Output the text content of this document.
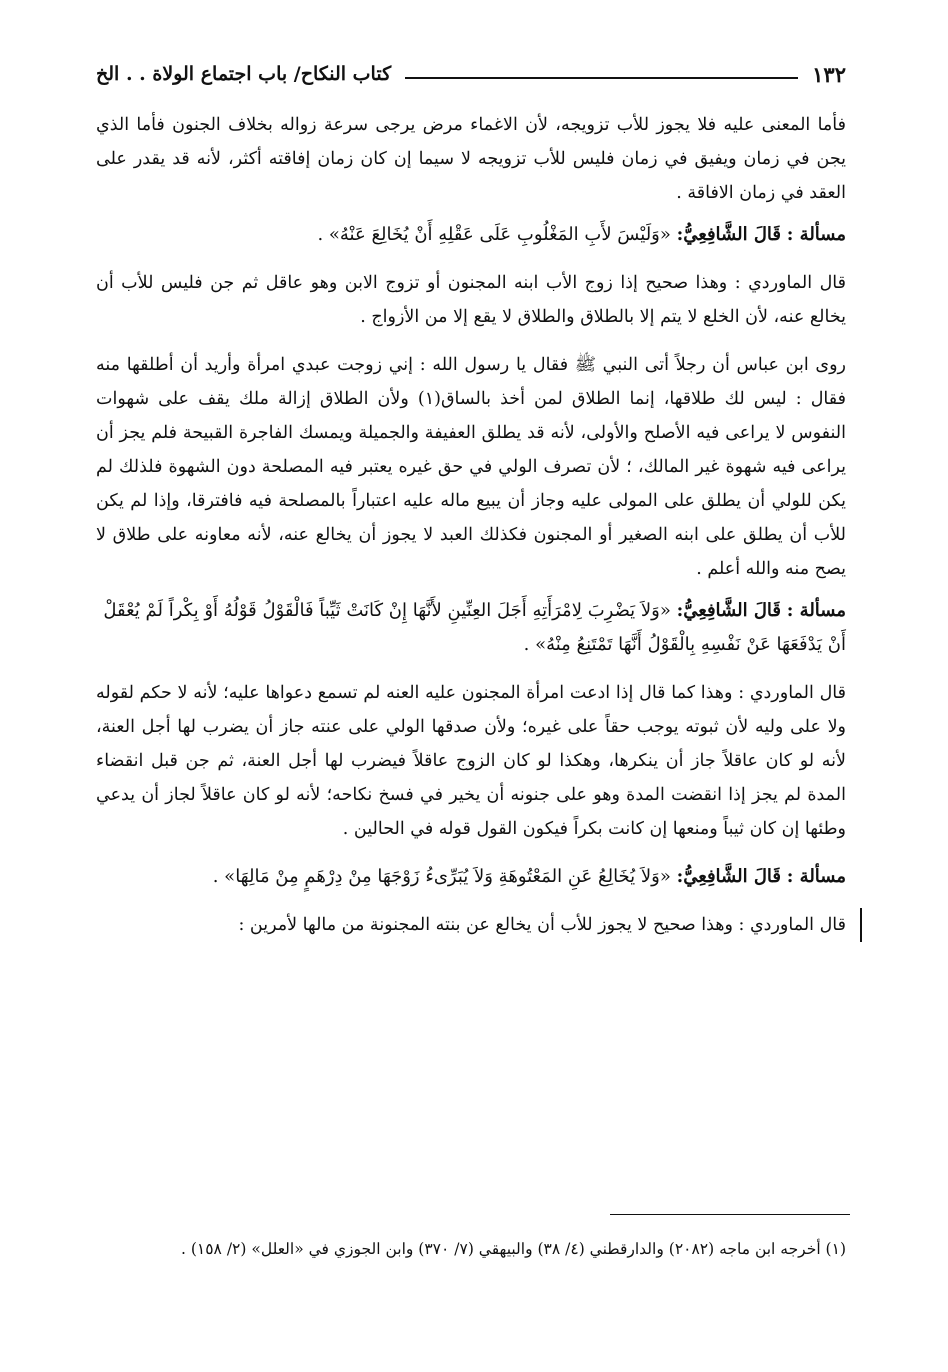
١٣٢
كتاب النكاح/ باب اجتماع الولاة . . الخ

فأما المعنى عليه فلا يجوز للأب تزويجه، لأن الاغماء مرض يرجى سرعة زواله بخلاف الجنون فأما الذي يجن في زمان ويفيق في زمان فليس للأب تزويجه لا سيما إن كان زمان إفاقته أكثر، لأنه قد يقدر على العقد في زمان الافاقة .

مسألة : قَالَ الشَّافِعِيُّ: «وَلَيْسَ لأَبِ المَغْلُوبِ عَلَى عَقْلِهِ أَنْ يُخَالِعَ عَنْهُ» .

قال الماوردي : وهذا صحيح إذا زوج الأب ابنه المجنون أو تزوج الابن وهو عاقل ثم جن فليس للأب أن يخالع عنه، لأن الخلع لا يتم إلا بالطلاق والطلاق لا يقع إلا من الأزواج .

روى ابن عباس أن رجلاً أتى النبي ﷺ فقال يا رسول الله : إني زوجت عبدي امرأة وأريد أن أطلقها منه فقال : ليس لك طلاقها، إنما الطلاق لمن أخذ بالساق(١) ولأن الطلاق إزالة ملك يقف على شهوات النفوس لا يراعى فيه الأصلح والأولى، لأنه قد يطلق العفيفة والجميلة ويمسك الفاجرة القبيحة فلم يجز أن يراعى فيه شهوة غير المالك، ؛ لأن تصرف الولي في حق غيره يعتبر فيه المصلحة دون الشهوة فلذلك لم يكن للولي أن يطلق على المولى عليه وجاز أن يبيع ماله عليه اعتباراً بالمصلحة فيه فافترقا، وإذا لم يكن للأب أن يطلق على ابنه الصغير أو المجنون فكذلك العبد لا يجوز أن يخالع عنه، لأنه معاونه على طلاق لا يصح منه والله أعلم .

مسألة : قَالَ الشَّافِعِيُّ: «وَلاَ يَضْرِبَ لِامْرَأَتِهِ أَجَلَ العِنِّينِ لأَنَّهَا إِنْ كَانَتْ ثَيِّباً فَالْقَوْلُ قَوْلُهُ أَوْ بِكْراً لَمْ يُعْقَلْ أَنْ يَدْفَعَهَا عَنْ نَفْسِهِ بِالْقَوْلُ أَنَّهَا تَمْتَنِعُ مِنْهُ» .

قال الماوردي : وهذا كما قال إذا ادعت امرأة المجنون عليه العنه لم تسمع دعواها عليه؛ لأنه لا حكم لقوله ولا على وليه لأن ثبوته يوجب حقاً على غيره؛ ولأن صدقها الولي على عنته جاز أن يضرب لها أجل العنة، لأنه لو كان عاقلاً جاز أن ينكرها، وهكذا لو كان الزوج عاقلاً فيضرب لها أجل العنة، ثم جن قبل انقضاء المدة لم يجز إذا انقضت المدة وهو على جنونه أن يخير في فسخ نكاحه؛ لأنه لو كان عاقلاً لجاز أن يدعي وطئها إن كان ثيباً ومنعها إن كانت بكراً فيكون القول قوله في الحالين .

مسألة : قَالَ الشَّافِعِيُّ: «وَلاَ يُخَالِعُ عَنِ المَعْتُوهَةِ وَلاَ يُبَرِّىءُ زَوْجَهَا مِنْ دِرْهَمٍ مِنْ مَالِهَا» .

قال الماوردي : وهذا صحيح لا يجوز للأب أن يخالع عن بنته المجنونة من مالها لأمرين :

(١) أخرجه ابن ماجه (٢٠٨٢) والدارقطني (٤/ ٣٨) والبيهقي (٧/ ٣٧٠) وابن الجوزي في «العلل» (٢/ ١٥٨) .
